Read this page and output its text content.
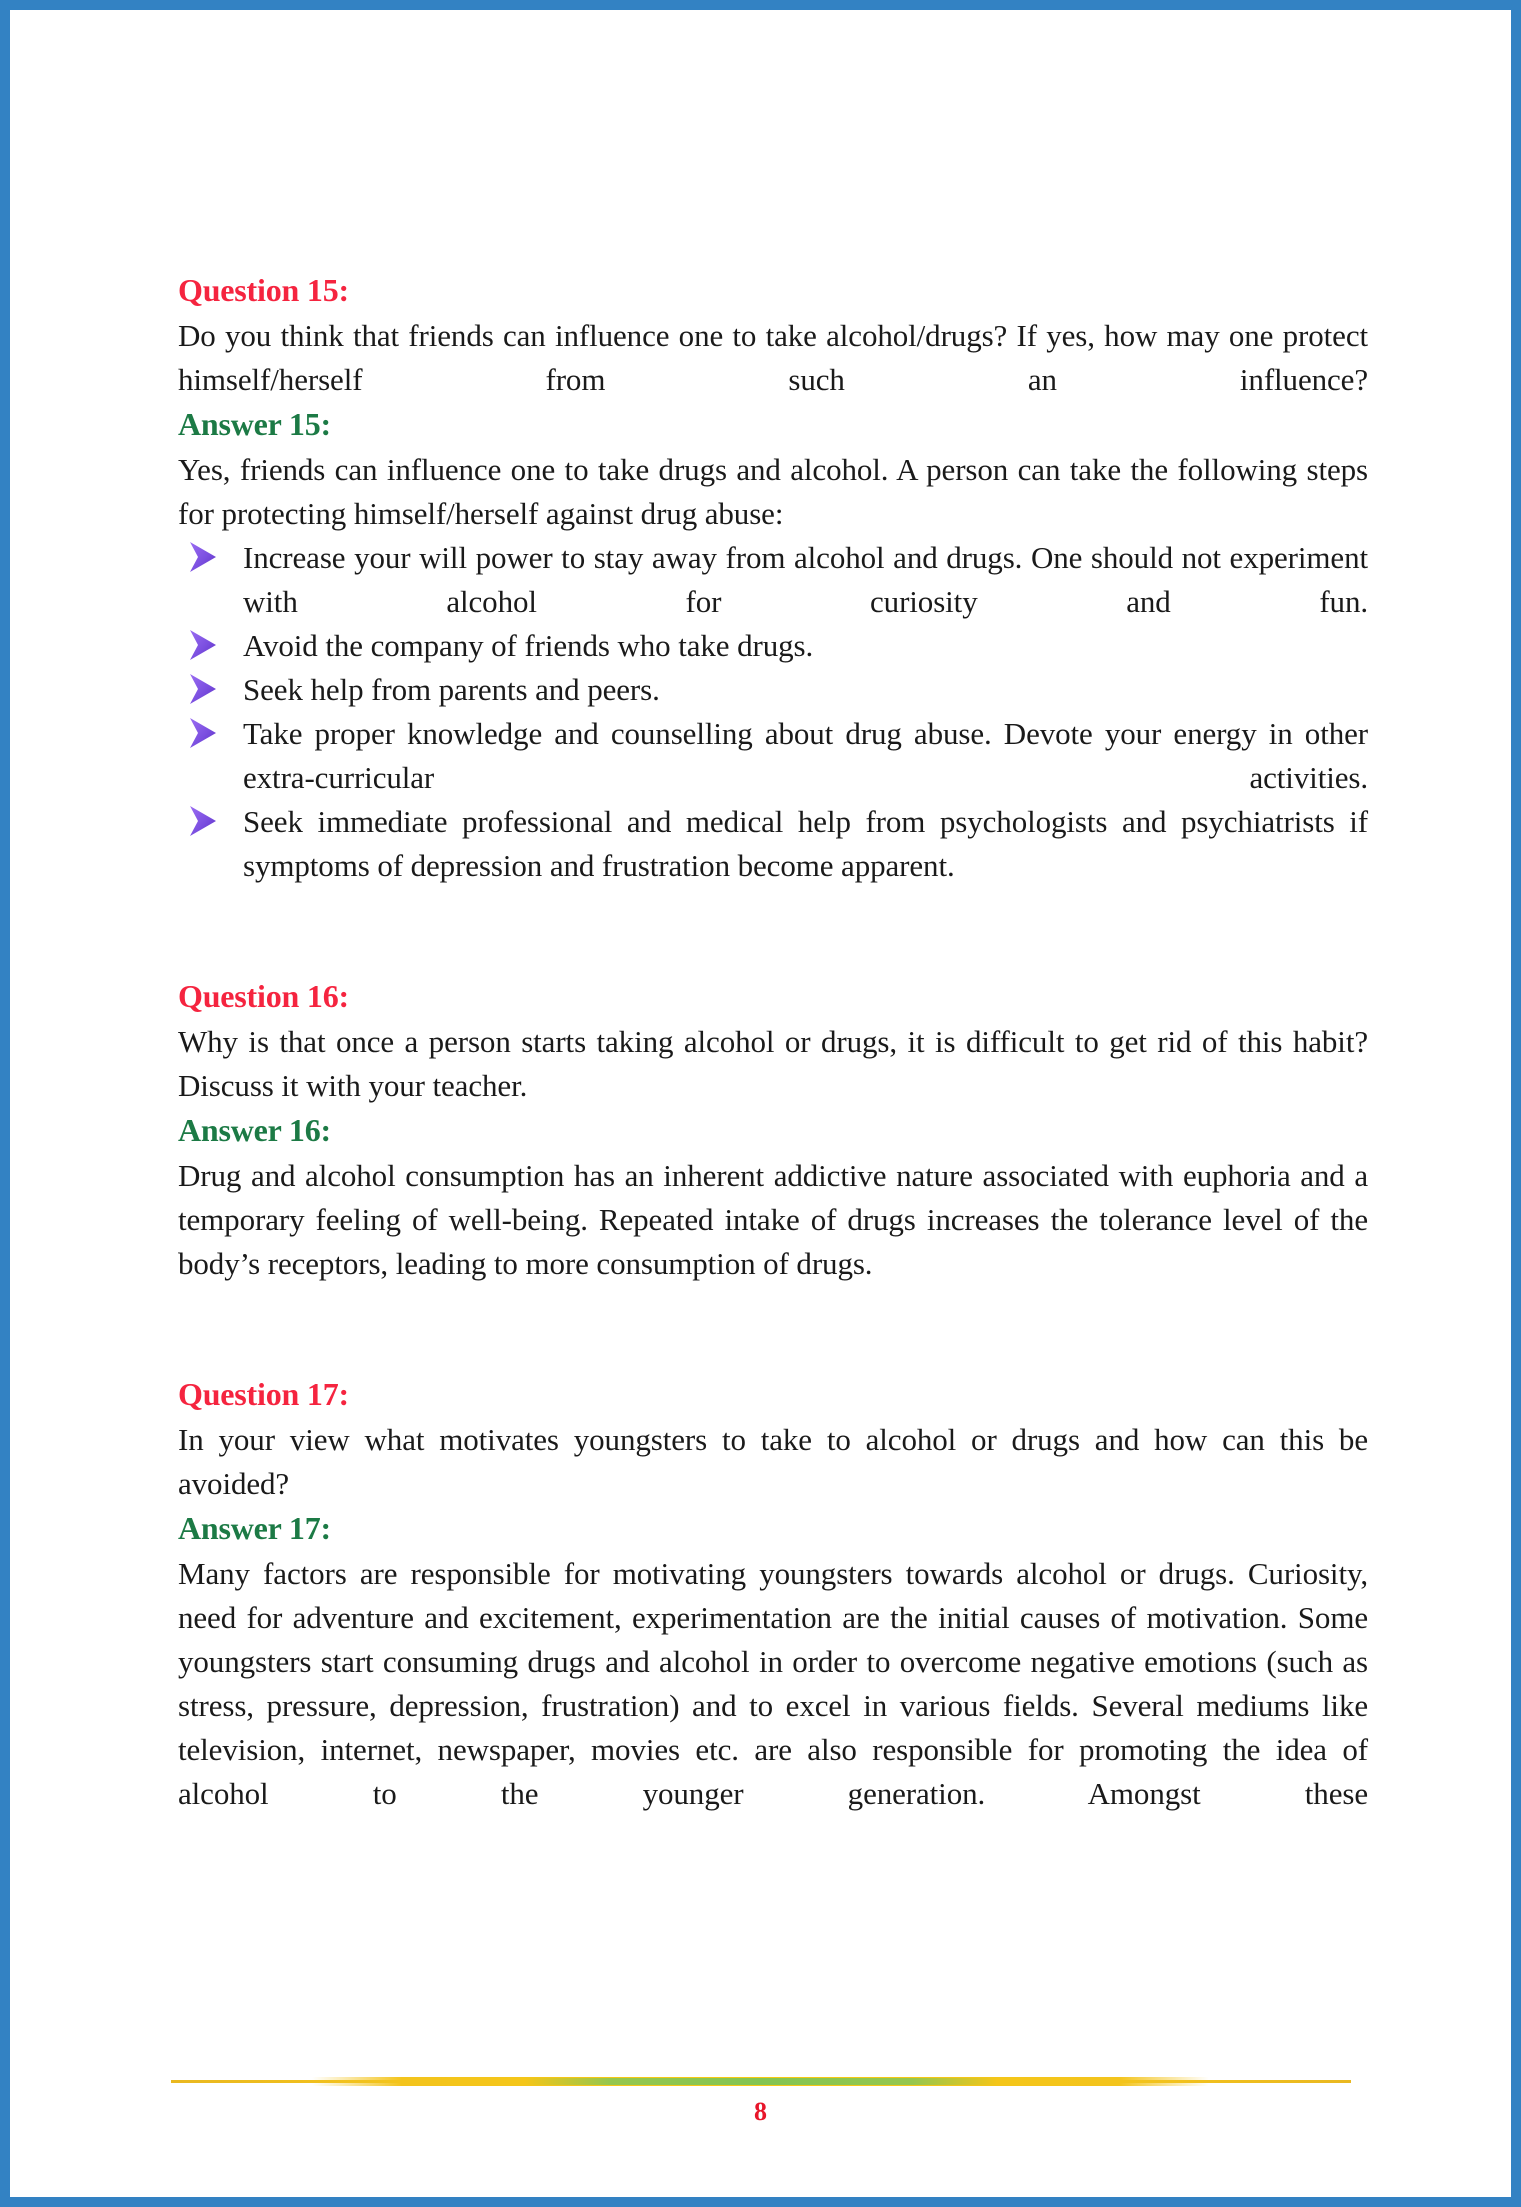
Question 15:

Do you think that friends can influence one to take alcohol/drugs? If yes, how may one protect himself/herself from such an influence?

Answer 15:

Yes, friends can influence one to take drugs and alcohol. A person can take the following steps for protecting himself/herself against drug abuse:

Increase your will power to stay away from alcohol and drugs. One should not experiment with alcohol for curiosity and fun.
Avoid the company of friends who take drugs.
Seek help from parents and peers.
Take proper knowledge and counselling about drug abuse. Devote your energy in other extra-curricular activities.
Seek immediate professional and medical help from psychologists and psychiatrists if symptoms of depression and frustration become apparent.
Question 16:

Why is that once a person starts taking alcohol or drugs, it is difficult to get rid of this habit? Discuss it with your teacher.

Answer 16:

Drug and alcohol consumption has an inherent addictive nature associated with euphoria and a temporary feeling of well-being. Repeated intake of drugs increases the tolerance level of the body’s receptors, leading to more consumption of drugs.

Question 17:

In your view what motivates youngsters to take to alcohol or drugs and how can this be avoided?

Answer 17:

Many factors are responsible for motivating youngsters towards alcohol or drugs. Curiosity, need for adventure and excitement, experimentation are the initial causes of motivation. Some youngsters start consuming drugs and alcohol in order to overcome negative emotions (such as stress, pressure, depression, frustration) and to excel in various fields. Several mediums like television, internet, newspaper, movies etc. are also responsible for promoting the idea of alcohol to the younger generation. Amongst these

8
